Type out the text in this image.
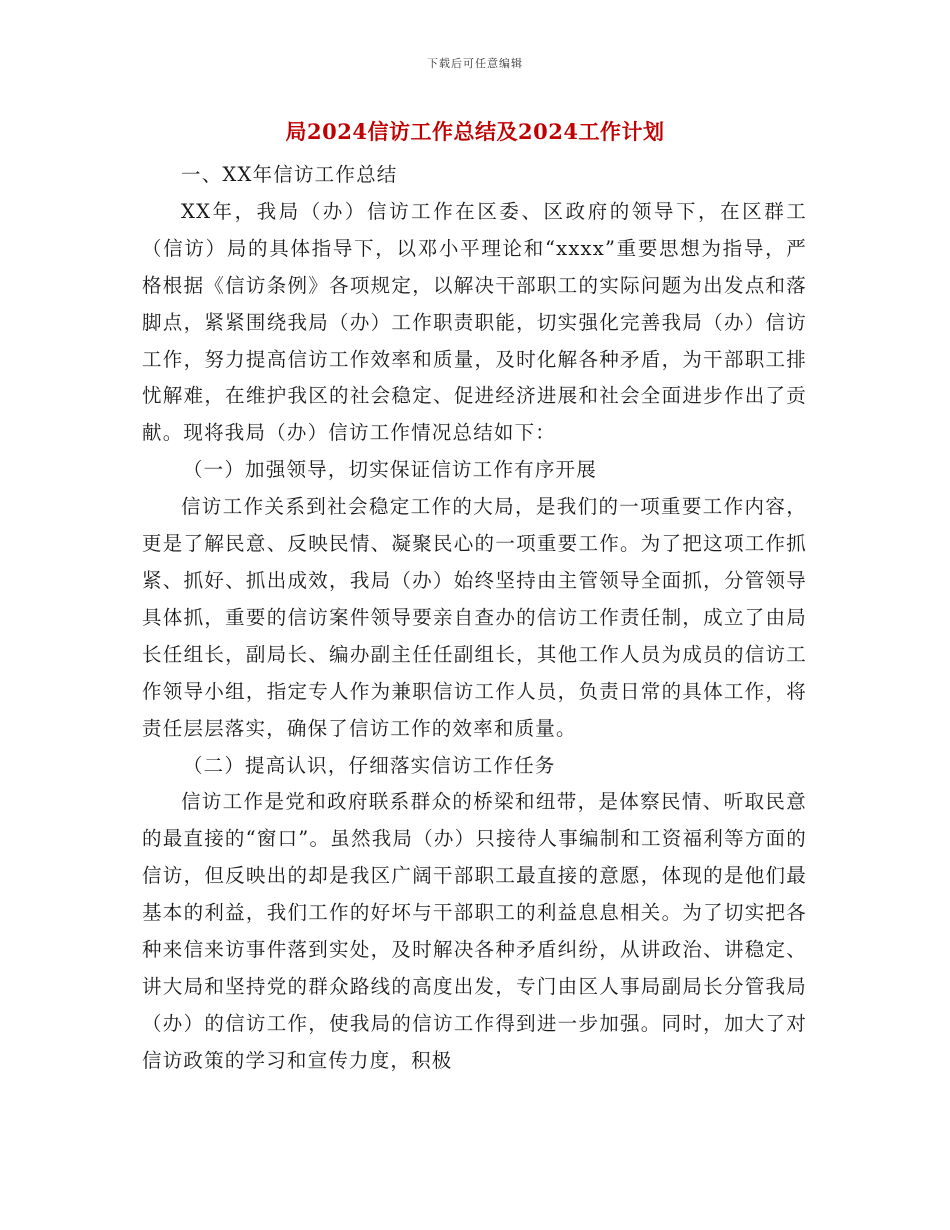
下载后可任意编辑
局2024信访工作总结及2024工作计划

一、XX年信访工作总结

XX年，我局（办）信访工作在区委、区政府的领导下，在区群工（信访）局的具体指导下，以邓小平理论和“xxxx”重要思想为指导，严格根据《信访条例》各项规定，以解决干部职工的实际问题为出发点和落脚点，紧紧围绕我局（办）工作职责职能，切实强化完善我局（办）信访工作，努力提高信访工作效率和质量，及时化解各种矛盾，为干部职工排忧解难，在维护我区的社会稳定、促进经济进展和社会全面进步作出了贡献。现将我局（办）信访工作情况总结如下：

（一）加强领导，切实保证信访工作有序开展

信访工作关系到社会稳定工作的大局，是我们的一项重要工作内容，更是了解民意、反映民情、凝聚民心的一项重要工作。为了把这项工作抓紧、抓好、抓出成效，我局（办）始终坚持由主管领导全面抓，分管领导具体抓，重要的信访案件领导要亲自查办的信访工作责任制，成立了由局长任组长，副局长、编办副主任任副组长，其他工作人员为成员的信访工作领导小组，指定专人作为兼职信访工作人员，负责日常的具体工作，将责任层层落实，确保了信访工作的效率和质量。

（二）提高认识，仔细落实信访工作任务

信访工作是党和政府联系群众的桥梁和纽带，是体察民情、听取民意的最直接的“窗口”。虽然我局（办）只接待人事编制和工资福利等方面的信访，但反映出的却是我区广阔干部职工最直接的意愿，体现的是他们最基本的利益，我们工作的好坏与干部职工的利益息息相关。为了切实把各种来信来访事件落到实处，及时解决各种矛盾纠纷，从讲政治、讲稳定、讲大局和坚持党的群众路线的高度出发，专门由区人事局副局长分管我局（办）的信访工作，使我局的信访工作得到进一步加强。同时，加大了对信访政策的学习和宣传力度，积极
